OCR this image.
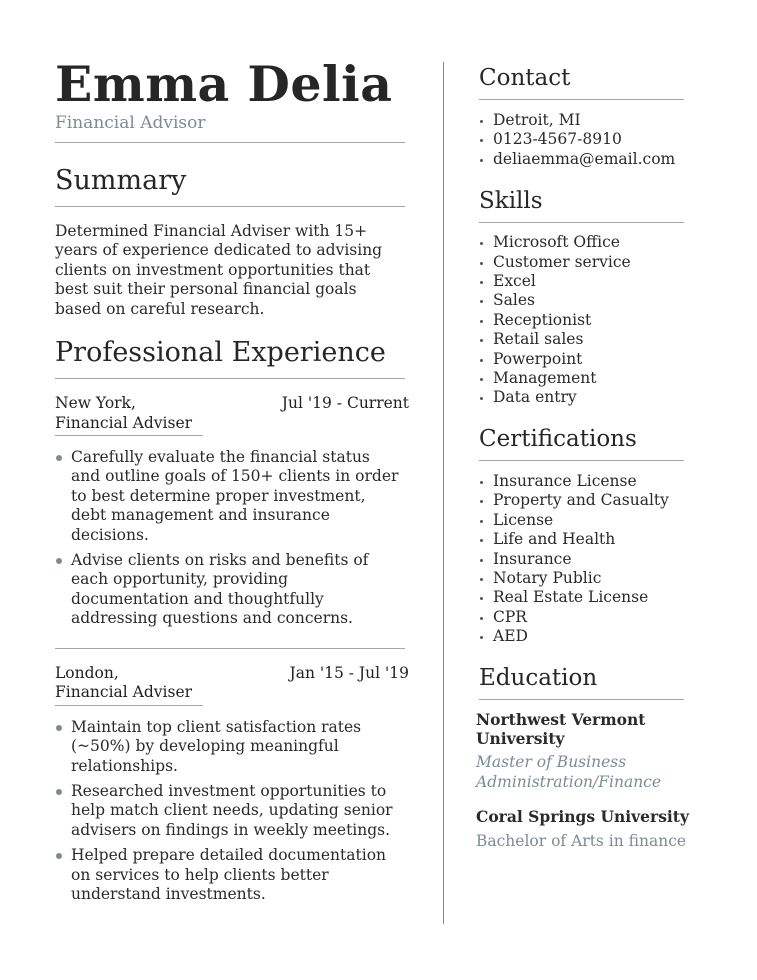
Emma Delia
Financial Advisor
Summary

Determined Financial Adviser with 15+ years of experience dedicated to advising clients on investment opportunities that best suit their personal financial goals based on careful research.

Professional Experience
New York,	Jul '19 - Current
Financial Adviser
Carefully evaluate the financial status and outline goals of 150+ clients in order to best determine proper investment, debt management and insurance decisions.
Advise clients on risks and benefits of each opportunity, providing documentation and thoughtfully addressing questions and concerns.
London,	Jan '15 - Jul '19
Financial Adviser
Maintain top client satisfaction rates (~50%) by developing meaningful relationships.
Researched investment opportunities to help match client needs, updating senior advisers on findings in weekly meetings.
Helped prepare detailed documentation on services to help clients better understand investments.
Contact
Detroit, MI
0123-4567-8910
deliaemma@email.com
Skills
Microsoft Office
Customer service
Excel
Sales
Receptionist
Retail sales
Powerpoint
Management
Data entry
Certifications
Insurance License
Property and Casualty
License
Life and Health
Insurance
Notary Public
Real Estate License
CPR
AED
Education
Northwest Vermont University
Master of Business Administration/Finance
Coral Springs University
Bachelor of Arts in finance
